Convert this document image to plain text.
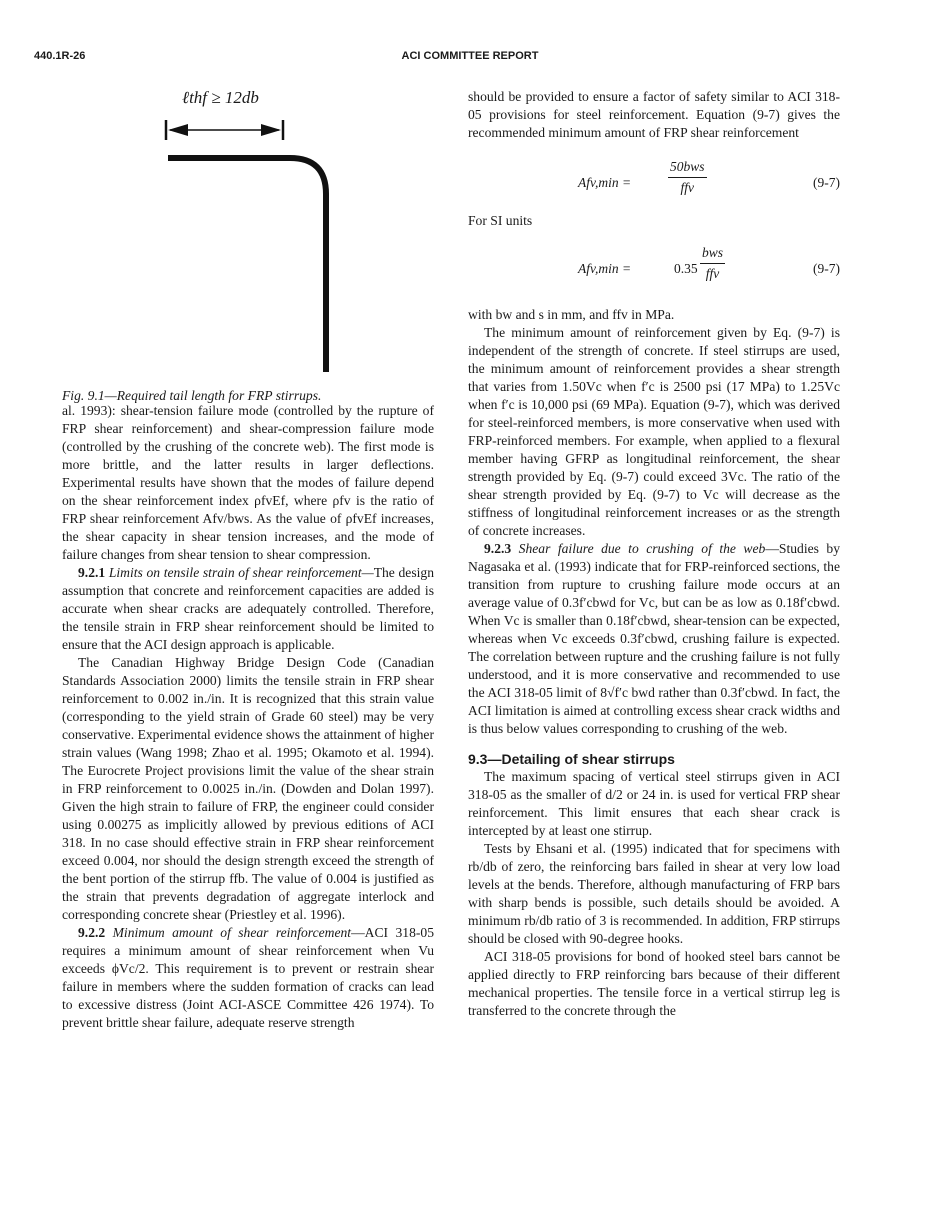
440.1R-26	ACI COMMITTEE REPORT
ℓthf ≥ 12db
Fig. 9.1—Required tail length for FRP stirrups.

al. 1993): shear-tension failure mode (controlled by the rupture of FRP shear reinforcement) and shear-compression failure mode (controlled by the crushing of the concrete web). The first mode is more brittle, and the latter results in larger deflections. Experimental results have shown that the modes of failure depend on the shear reinforcement index ρfvEf, where ρfv is the ratio of FRP shear reinforcement Afv/bws. As the value of ρfvEf increases, the shear capacity in shear tension increases, and the mode of failure changes from shear tension to shear compression.

9.2.1 Limits on tensile strain of shear reinforcement—The design assumption that concrete and reinforcement capacities are added is accurate when shear cracks are adequately controlled. Therefore, the tensile strain in FRP shear reinforcement should be limited to ensure that the ACI design approach is applicable.

The Canadian Highway Bridge Design Code (Canadian Standards Association 2000) limits the tensile strain in FRP shear reinforcement to 0.002 in./in. It is recognized that this strain value (corresponding to the yield strain of Grade 60 steel) may be very conservative. Experimental evidence shows the attainment of higher strain values (Wang 1998; Zhao et al. 1995; Okamoto et al. 1994). The Eurocrete Project provisions limit the value of the shear strain in FRP reinforcement to 0.0025 in./in. (Dowden and Dolan 1997). Given the high strain to failure of FRP, the engineer could consider using 0.00275 as implicitly allowed by previous editions of ACI 318. In no case should effective strain in FRP shear reinforcement exceed 0.004, nor should the design strength exceed the strength of the bent portion of the stirrup ffb. The value of 0.004 is justified as the strain that prevents degradation of aggregate interlock and corresponding concrete shear (Priestley et al. 1996).

9.2.2 Minimum amount of shear reinforcement—ACI 318-05 requires a minimum amount of shear reinforcement when Vu exceeds ϕVc/2. This requirement is to prevent or restrain shear failure in members where the sudden formation of cracks can lead to excessive distress (Joint ACI-ASCE Committee 426 1974). To prevent brittle shear failure, adequate reserve strength

should be provided to ensure a factor of safety similar to ACI 318-05 provisions for steel reinforcement. Equation (9-7) gives the recommended minimum amount of FRP shear reinforcement

Afv,min =
50bws
ffv	(9-7)

For SI units

Afv,min =	0.35
bws
ffv	(9-7)

with bw and s in mm, and ffv in MPa.

The minimum amount of reinforcement given by Eq. (9-7) is independent of the strength of concrete. If steel stirrups are used, the minimum amount of reinforcement provides a shear strength that varies from 1.50Vc when f′c is 2500 psi (17 MPa) to 1.25Vc when f′c is 10,000 psi (69 MPa). Equation (9-7), which was derived for steel-reinforced members, is more conservative when used with FRP-reinforced members. For example, when applied to a flexural member having GFRP as longitudinal reinforcement, the shear strength provided by Eq. (9-7) could exceed 3Vc. The ratio of the shear strength provided by Eq. (9-7) to Vc will decrease as the stiffness of longitudinal reinforcement increases or as the strength of concrete increases.

9.2.3 Shear failure due to crushing of the web—Studies by Nagasaka et al. (1993) indicate that for FRP-reinforced sections, the transition from rupture to crushing failure mode occurs at an average value of 0.3f′cbwd for Vc, but can be as low as 0.18f′cbwd. When Vc is smaller than 0.18f′cbwd, shear-tension can be expected, whereas when Vc exceeds 0.3f′cbwd, crushing failure is expected. The correlation between rupture and the crushing failure is not fully understood, and it is more conservative and recommended to use the ACI 318-05 limit of 8√f′c bwd rather than 0.3f′cbwd. In fact, the ACI limitation is aimed at controlling excess shear crack widths and is thus below values corresponding to crushing of the web.

9.3—Detailing of shear stirrups

The maximum spacing of vertical steel stirrups given in ACI 318-05 as the smaller of d/2 or 24 in. is used for vertical FRP shear reinforcement. This limit ensures that each shear crack is intercepted by at least one stirrup.

Tests by Ehsani et al. (1995) indicated that for specimens with rb/db of zero, the reinforcing bars failed in shear at very low load levels at the bends. Therefore, although manufacturing of FRP bars with sharp bends is possible, such details should be avoided. A minimum rb/db ratio of 3 is recommended. In addition, FRP stirrups should be closed with 90-degree hooks.

ACI 318-05 provisions for bond of hooked steel bars cannot be applied directly to FRP reinforcing bars because of their different mechanical properties. The tensile force in a vertical stirrup leg is transferred to the concrete through the
